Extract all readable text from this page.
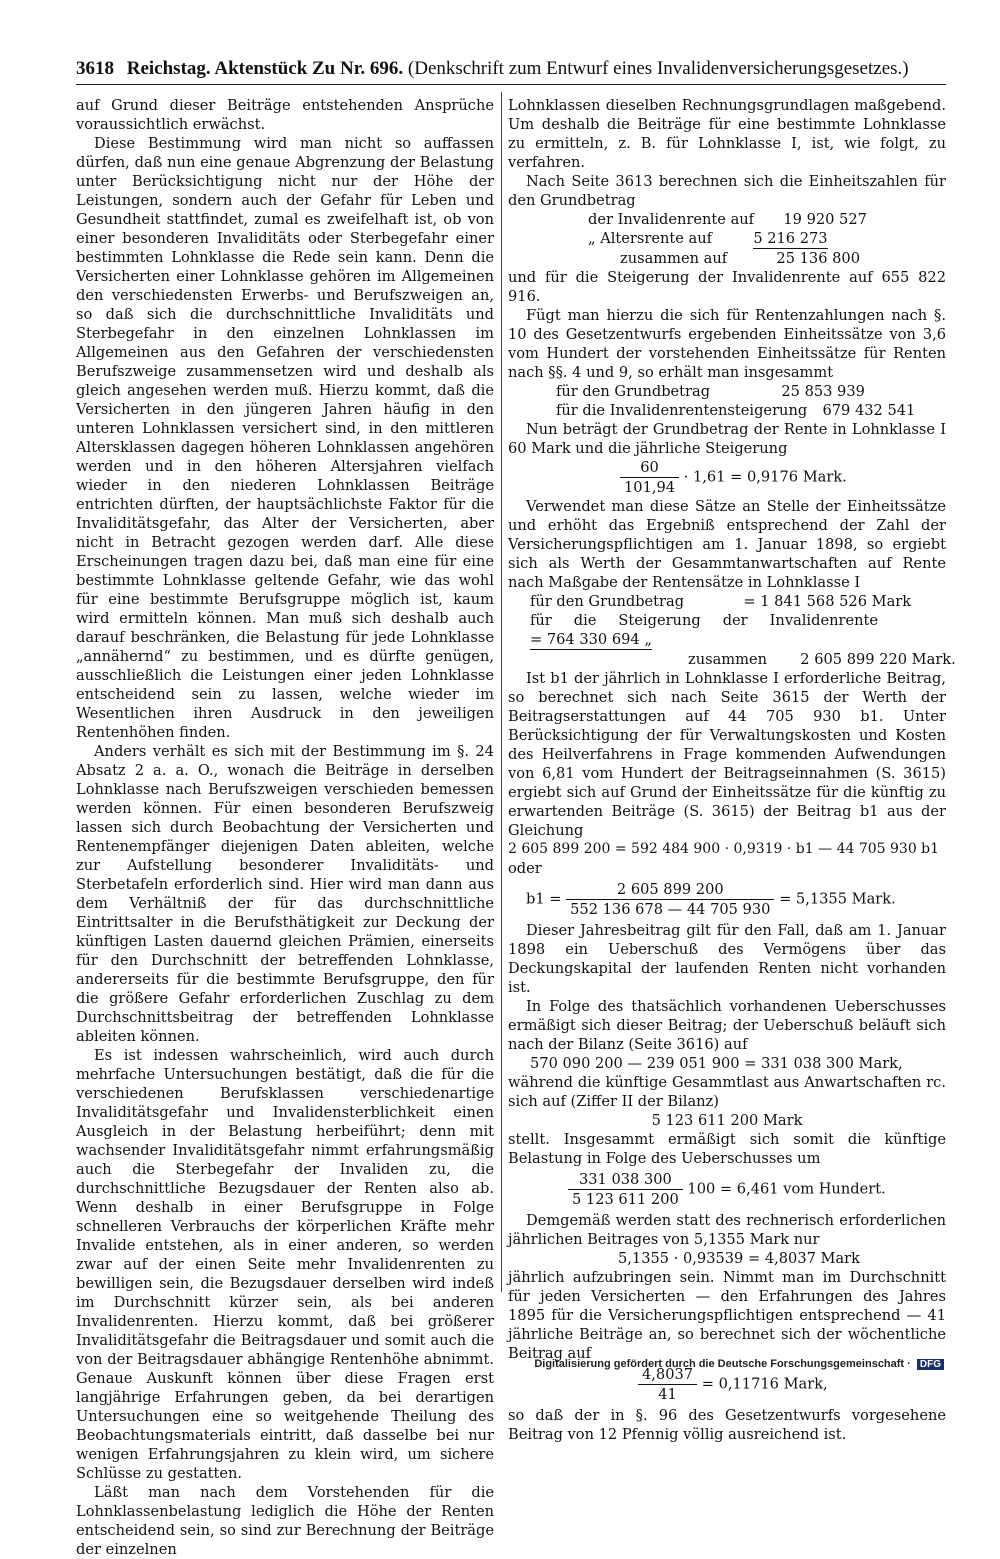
3618 Reichstag. Aktenstück Zu Nr. 696. (Denkschrift zum Entwurf eines Invalidenversicherungsgesetzes.)

auf Grund dieser Beiträge entstehenden Ansprüche voraussichtlich erwächst.

Diese Bestimmung wird man nicht so auffassen dürfen, daß nun eine genaue Abgrenzung der Belastung unter Berücksichtigung nicht nur der Höhe der Leistungen, sondern auch der Gefahr für Leben und Gesundheit stattfindet, zumal es zweifelhaft ist, ob von einer besonderen Invaliditäts oder Sterbegefahr einer bestimmten Lohnklasse die Rede sein kann. Denn die Versicherten einer Lohnklasse gehören im Allgemeinen den verschiedensten Erwerbs- und Berufszweigen an, so daß sich die durchschnittliche Invaliditäts und Sterbegefahr in den einzelnen Lohnklassen im Allgemeinen aus den Gefahren der verschiedensten Berufszweige zusammensetzen wird und deshalb als gleich angesehen werden muß. Hierzu kommt, daß die Versicherten in den jüngeren Jahren häufig in den unteren Lohnklassen versichert sind, in den mittleren Altersklassen dagegen höheren Lohnklassen angehören werden und in den höheren Altersjahren vielfach wieder in den niederen Lohnklassen Beiträge entrichten dürften, der hauptsächlichste Faktor für die Invaliditätsgefahr, das Alter der Versicherten, aber nicht in Betracht gezogen werden darf. Alle diese Erscheinungen tragen dazu bei, daß man eine für eine bestimmte Lohnklasse geltende Gefahr, wie das wohl für eine bestimmte Berufsgruppe möglich ist, kaum wird ermitteln können. Man muß sich deshalb auch darauf beschränken, die Belastung für jede Lohnklasse „annähernd“ zu bestimmen, und es dürfte genügen, ausschließlich die Leistungen einer jeden Lohnklasse entscheidend sein zu lassen, welche wieder im Wesentlichen ihren Ausdruck in den jeweiligen Rentenhöhen finden.

Anders verhält es sich mit der Bestimmung im §. 24 Absatz 2 a. a. O., wonach die Beiträge in derselben Lohnklasse nach Berufszweigen verschieden bemessen werden können. Für einen besonderen Berufszweig lassen sich durch Beobachtung der Versicherten und Rentenempfänger diejenigen Daten ableiten, welche zur Aufstellung besonderer Invaliditäts- und Sterbetafeln erforderlich sind. Hier wird man dann aus dem Verhältniß der für das durchschnittliche Eintrittsalter in die Berufsthätigkeit zur Deckung der künftigen Lasten dauernd gleichen Prämien, einerseits für den Durchschnitt der betreffenden Lohnklasse, andererseits für die bestimmte Berufsgruppe, den für die größere Gefahr erforderlichen Zuschlag zu dem Durchschnittsbeitrag der betreffenden Lohnklasse ableiten können.

Es ist indessen wahrscheinlich, wird auch durch mehrfache Untersuchungen bestätigt, daß die für die verschiedenen Berufsklassen verschiedenartige Invaliditätsgefahr und Invalidensterblichkeit einen Ausgleich in der Belastung herbeiführt; denn mit wachsender Invaliditätsgefahr nimmt erfahrungsmäßig auch die Sterbegefahr der Invaliden zu, die durchschnittliche Bezugsdauer der Renten also ab. Wenn deshalb in einer Berufsgruppe in Folge schnelleren Verbrauchs der körperlichen Kräfte mehr Invalide entstehen, als in einer anderen, so werden zwar auf der einen Seite mehr Invalidenrenten zu bewilligen sein, die Bezugsdauer derselben wird indeß im Durchschnitt kürzer sein, als bei anderen Invalidenrenten. Hierzu kommt, daß bei größerer Invaliditätsgefahr die Beitragsdauer und somit auch die von der Beitragsdauer abhängige Rentenhöhe abnimmt. Genaue Auskunft können über diese Fragen erst langjährige Erfahrungen geben, da bei derartigen Untersuchungen eine so weitgehende Theilung des Beobachtungsmaterials eintritt, daß dasselbe bei nur wenigen Erfahrungsjahren zu klein wird, um sichere Schlüsse zu gestatten.

Läßt man nach dem Vorstehenden für die Lohnklassenbelastung lediglich die Höhe der Renten entscheidend sein, so sind zur Berechnung der Beiträge der einzelnen

Lohnklassen dieselben Rechnungsgrundlagen maßgebend. Um deshalb die Beiträge für eine bestimmte Lohnklasse zu ermitteln, z. B. für Lohnklasse I, ist, wie folgt, zu verfahren.

Nach Seite 3613 berechnen sich die Einheitszahlen für den Grundbetrag

der Invalidenrente auf 19 920 527
„ Altersrente auf	5 216 273
zusammen auf	25 136 800

und für die Steigerung der Invalidenrente auf 655 822 916.

Fügt man hierzu die sich für Rentenzahlungen nach §. 10 des Gesetzentwurfs ergebenden Einheitssätze von 3,6 vom Hundert der vorstehenden Einheitssätze für Renten nach §§. 4 und 9, so erhält man insgesammt

für den Grundbetrag	25 853 939
für die Invalidenrentensteigerung 679 432 541

Nun beträgt der Grundbetrag der Rente in Lohnklasse I 60 Mark und die jährliche Steigerung

$\frac{60}{101,94} \cdot 1,61 = 0,9176$ Mark.

Verwendet man diese Sätze an Stelle der Einheitssätze und erhöht das Ergebniß entsprechend der Zahl der Versicherungspflichtigen am 1. Januar 1898, so ergiebt sich als Werth der Gesammtanwartschaften auf Rente nach Maßgabe der Rentensätze in Lohnklasse I

für den Grundbetrag	= 1 841 568 526 Mark
für die Steigerung der Invalidenrente  = 764 330 694 „
zusammen 2 605 899 220 Mark.

Ist b1 der jährlich in Lohnklasse I erforderliche Beitrag, so berechnet sich nach Seite 3615 der Werth der Beitragserstattungen auf 44 705 930 b1. Unter Berücksichtigung der für Verwaltungskosten und Kosten des Heilverfahrens in Frage kommenden Aufwendungen von 6,81 vom Hundert der Beitragseinnahmen (S. 3615) ergiebt sich auf Grund der Einheitssätze für die künftig zu erwartenden Beiträge (S. 3615) der Beitrag b1 aus der Gleichung

2 605 899 200 = 592 484 900 · 0,9319 · b1 — 44 705 930 b1
oder
$b1 = \frac{2 605 899 200}{552 136 678 — 44 705 930} = 5,1355$ Mark.

Dieser Jahresbeitrag gilt für den Fall, daß am 1. Januar 1898 ein Ueberschuß des Vermögens über das Deckungskapital der laufenden Renten nicht vorhanden ist.

In Folge des thatsächlich vorhandenen Ueberschusses ermäßigt sich dieser Beitrag; der Ueberschuß beläuft sich nach der Bilanz (Seite 3616) auf

570 090 200 — 239 051 900 = 331 038 300 Mark,

während die künftige Gesammtlast aus Anwartschaften rc. sich auf (Ziffer II der Bilanz)

5 123 611 200 Mark

stellt. Insgesammt ermäßigt sich somit die künftige Belastung in Folge des Ueberschusses um

$\frac{331 038 300}{5 123 611 200} 100 = 6,461$ vom Hundert.

Demgemäß werden statt des rechnerisch erforderlichen jährlichen Beitrages von 5,1355 Mark nur

5,1355 · 0,93539 = 4,8037 Mark

jährlich aufzubringen sein. Nimmt man im Durchschnitt für jeden Versicherten — den Erfahrungen des Jahres 1895 für die Versicherungspflichtigen entsprechend — 41 jährliche Beiträge an, so berechnet sich der wöchentliche Beitrag auf

$\frac{4,8037}{41} = 0,11716$ Mark,

so daß der in §. 96 des Gesetzentwurfs vorgesehene Beitrag von 12 Pfennig völlig ausreichend ist.

Digitalisierung gefördert durch die Deutsche Forschungsgemeinschaft · DFG
